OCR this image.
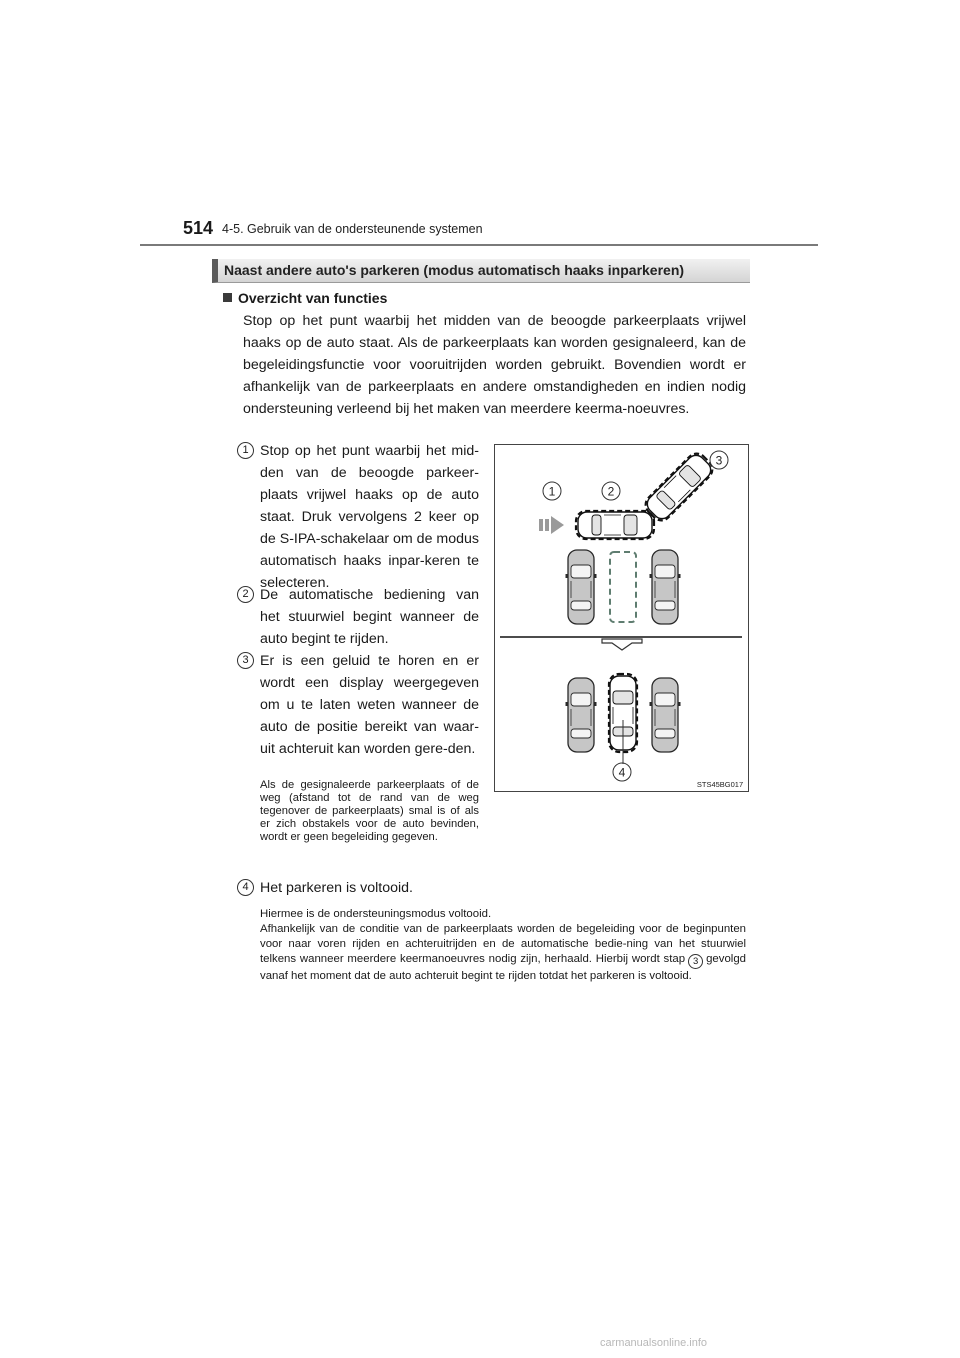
514 4-5. Gebruik van de ondersteunende systemen
Naast andere auto's parkeren (modus automatisch haaks inparkeren)
Overzicht van functies
Stop op het punt waarbij het midden van de beoogde parkeerplaats vrijwel haaks op de auto staat. Als de parkeerplaats kan worden gesignaleerd, kan de begeleidingsfunctie voor vooruitrijden worden gebruikt. Bovendien wordt er afhankelijk van de parkeerplaats en andere omstandigheden en indien nodig ondersteuning verleend bij het maken van meerdere keerma-noeuvres.
1 Stop op het punt waarbij het mid-den van de beoogde parkeer-plaats vrijwel haaks op de auto staat. Druk vervolgens 2 keer op de S-IPA-schakelaar om de modus automatisch haaks inpar-keren te selecteren.
2 De automatische bediening van het stuurwiel begint wanneer de auto begint te rijden.
3 Er is een geluid te horen en er wordt een display weergegeven om u te laten weten wanneer de auto de positie bereikt van waar-uit achteruit kan worden gere-den.
Als de gesignaleerde parkeerplaats of de weg (afstand tot de rand van de weg tegenover de parkeerplaats) smal is of als er zich obstakels voor de auto bevinden, wordt er geen begeleiding gegeven.
4 Het parkeren is voltooid.
Hiermee is de ondersteuningsmodus voltooid.
Afhankelijk van de conditie van de parkeerplaats worden de begeleiding voor de beginpunten voor naar voren rijden en achteruitrijden en de automatische bedie-ning van het stuurwiel telkens wanneer meerdere keermanoeuvres nodig zijn, herhaald. Hierbij wordt stap 3 gevolgd vanaf het moment dat de auto achteruit begint te rijden totdat het parkeren is voltooid.
1	2
3
4
STS45BG017
carmanualsonline.info
